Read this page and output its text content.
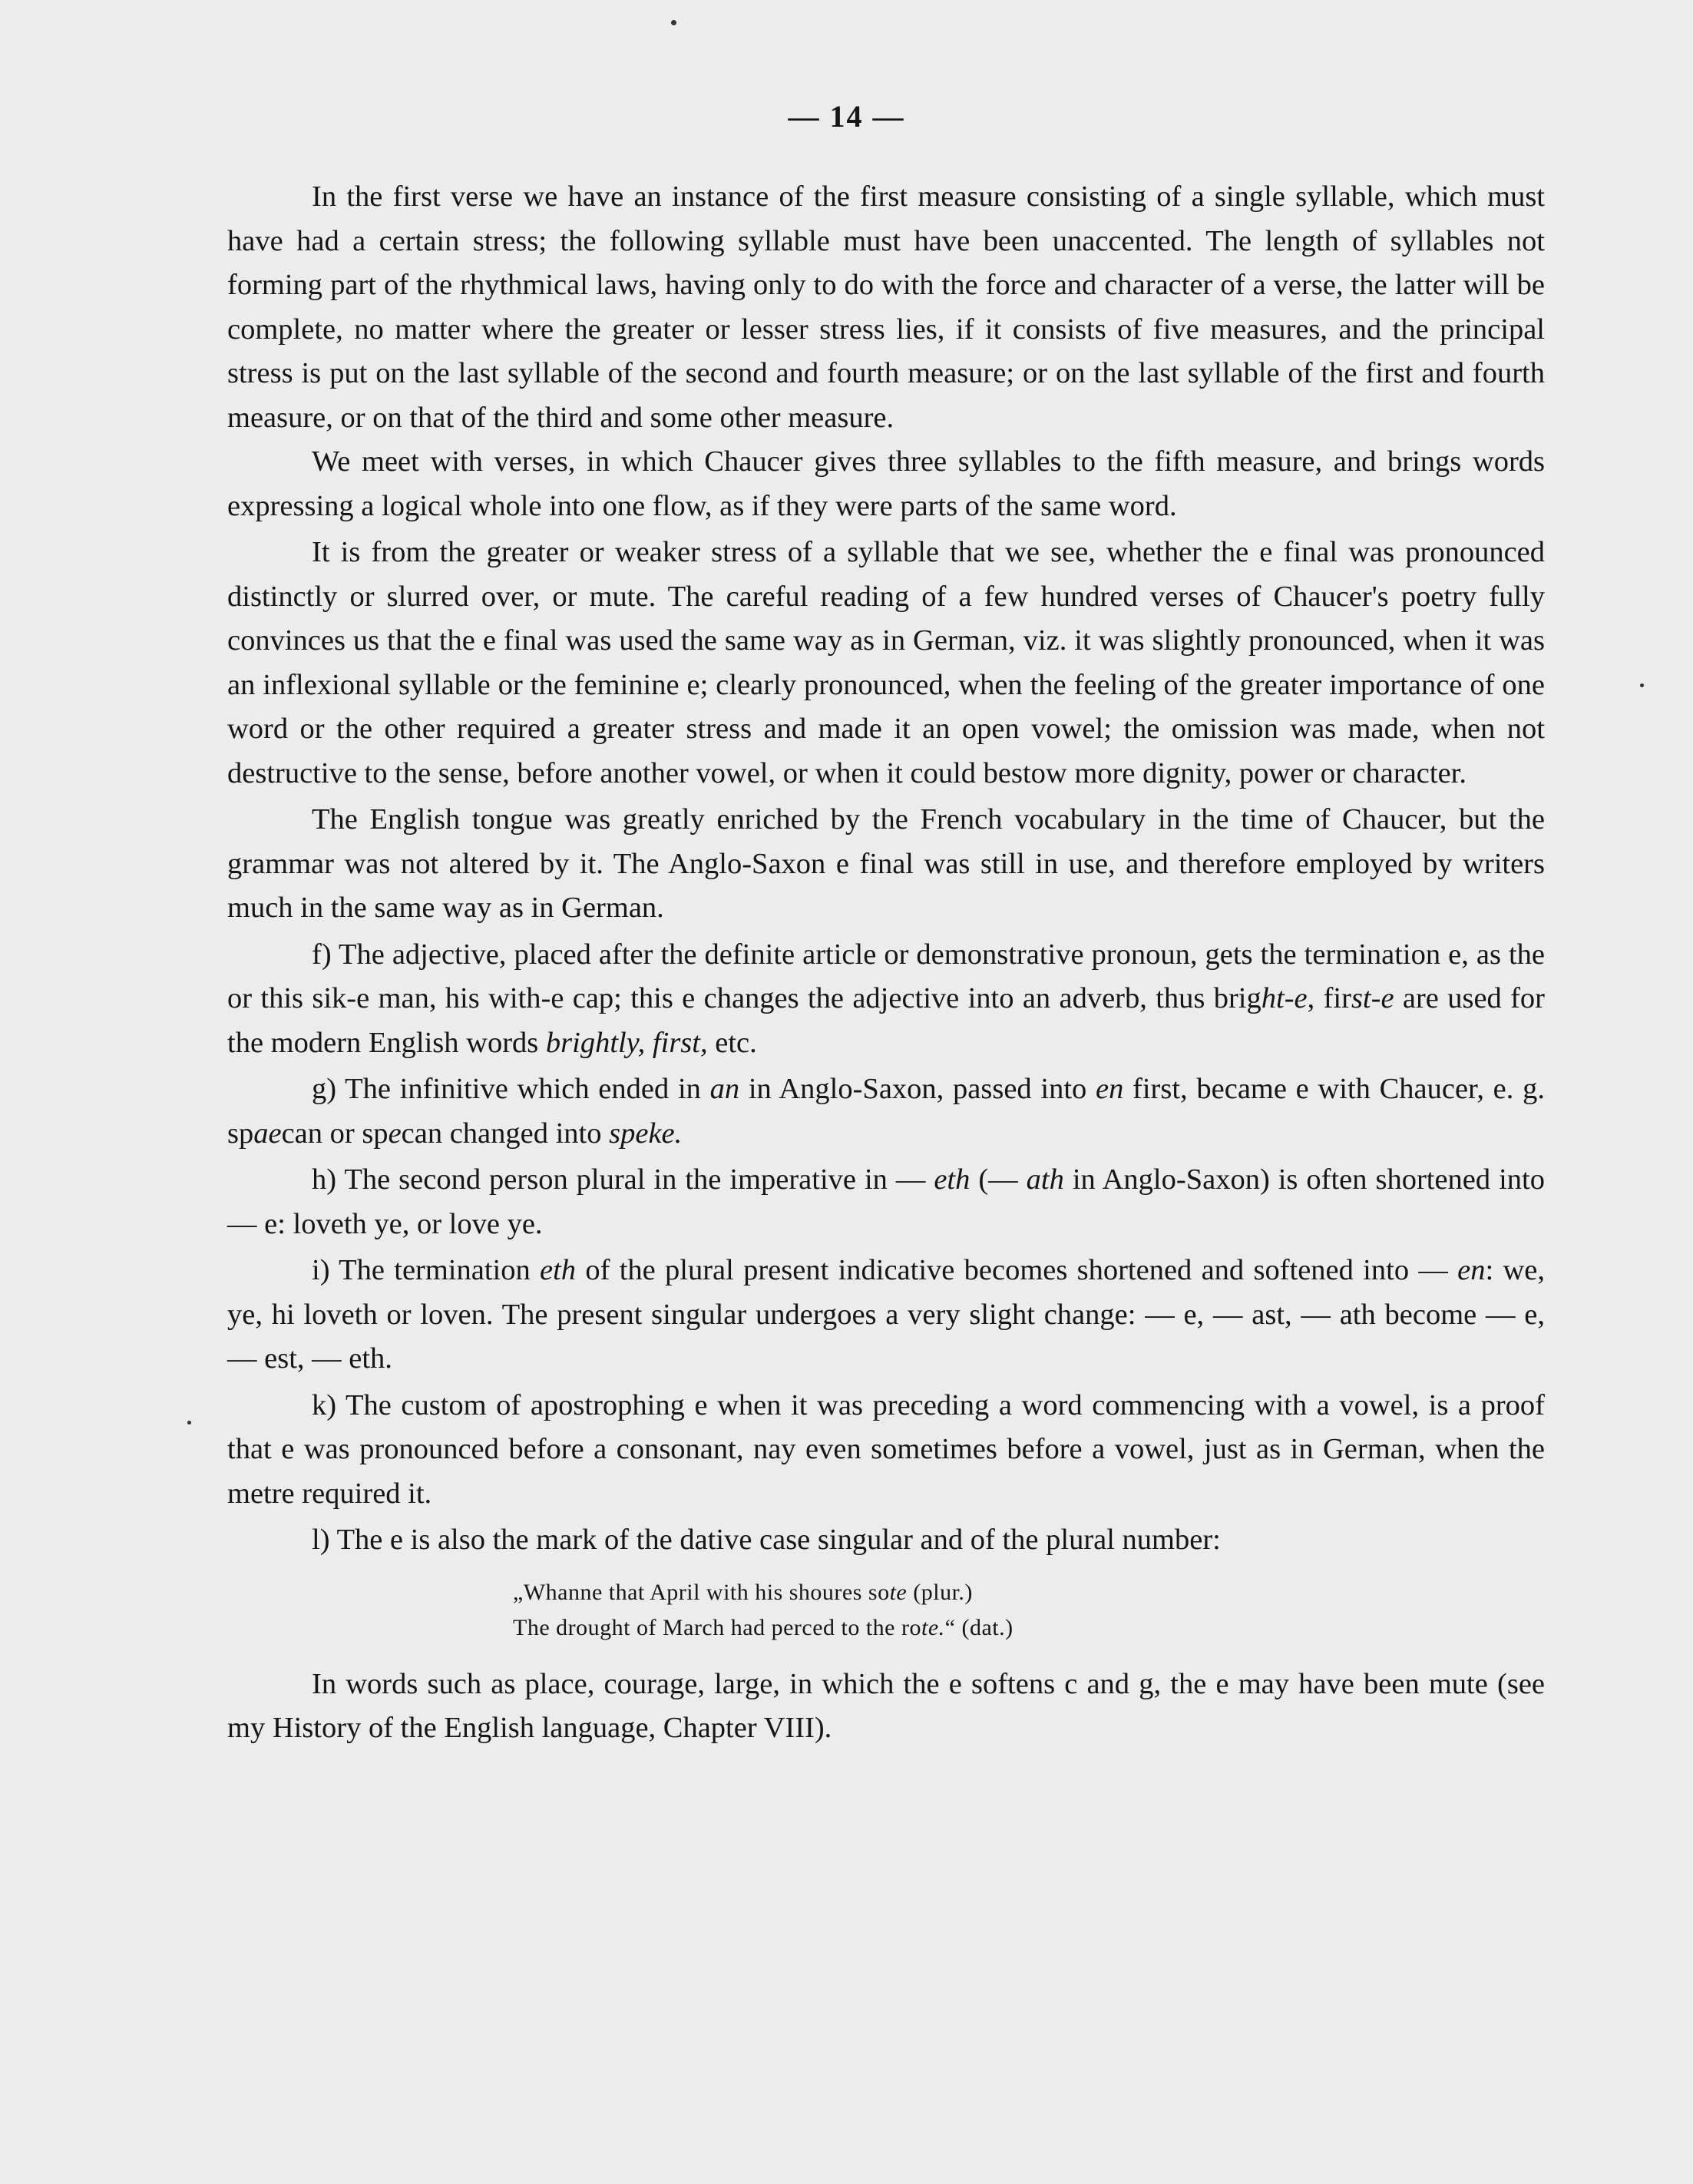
— 14 —

In the first verse we have an instance of the first measure consisting of a single syllable, which must have had a certain stress; the following syllable must have been unaccented. The length of syllables not forming part of the rhythmical laws, having only to do with the force and character of a verse, the latter will be complete, no matter where the greater or lesser stress lies, if it consists of five measures, and the principal stress is put on the last syllable of the second and fourth measure; or on the last syllable of the first and fourth measure, or on that of the third and some other measure.

We meet with verses, in which Chaucer gives three syllables to the fifth measure, and brings words expressing a logical whole into one flow, as if they were parts of the same word.

It is from the greater or weaker stress of a syllable that we see, whether the e final was pronounced distinctly or slurred over, or mute. The careful reading of a few hundred verses of Chaucer's poetry fully convinces us that the e final was used the same way as in German, viz. it was slightly pronounced, when it was an inflexional syllable or the feminine e; clearly pronounced, when the feeling of the greater importance of one word or the other required a greater stress and made it an open vowel; the omission was made, when not destructive to the sense, before another vowel, or when it could bestow more dignity, power or character.

The English tongue was greatly enriched by the French vocabulary in the time of Chaucer, but the grammar was not altered by it. The Anglo-Saxon e final was still in use, and therefore employed by writers much in the same way as in German.

f) The adjective, placed after the definite article or demonstrative pronoun, gets the termination e, as the or this sik-e man, his with-e cap; this e changes the adjective into an adverb, thus bright-e, first-e are used for the modern English words brightly, first, etc.

g) The infinitive which ended in an in Anglo-Saxon, passed into en first, became e with Chaucer, e. g. spaecan or specan changed into speke.

h) The second person plural in the imperative in — eth (— ath in Anglo-Saxon) is often shortened into — e: loveth ye, or love ye.

i) The termination eth of the plural present indicative becomes shortened and softened into — en: we, ye, hi loveth or loven. The present singular undergoes a very slight change: — e, — ast, — ath become — e, — est, — eth.

k) The custom of apostrophing e when it was preceding a word commencing with a vowel, is a proof that e was pronounced before a consonant, nay even sometimes before a vowel, just as in German, when the metre required it.

l) The e is also the mark of the dative case singular and of the plural number:

„Whanne that April with his shoures sote (plur.)
The drought of March had perced to the rote.“ (dat.)

In words such as place, courage, large, in which the e softens c and g, the e may have been mute (see my History of the English language, Chapter VIII).
